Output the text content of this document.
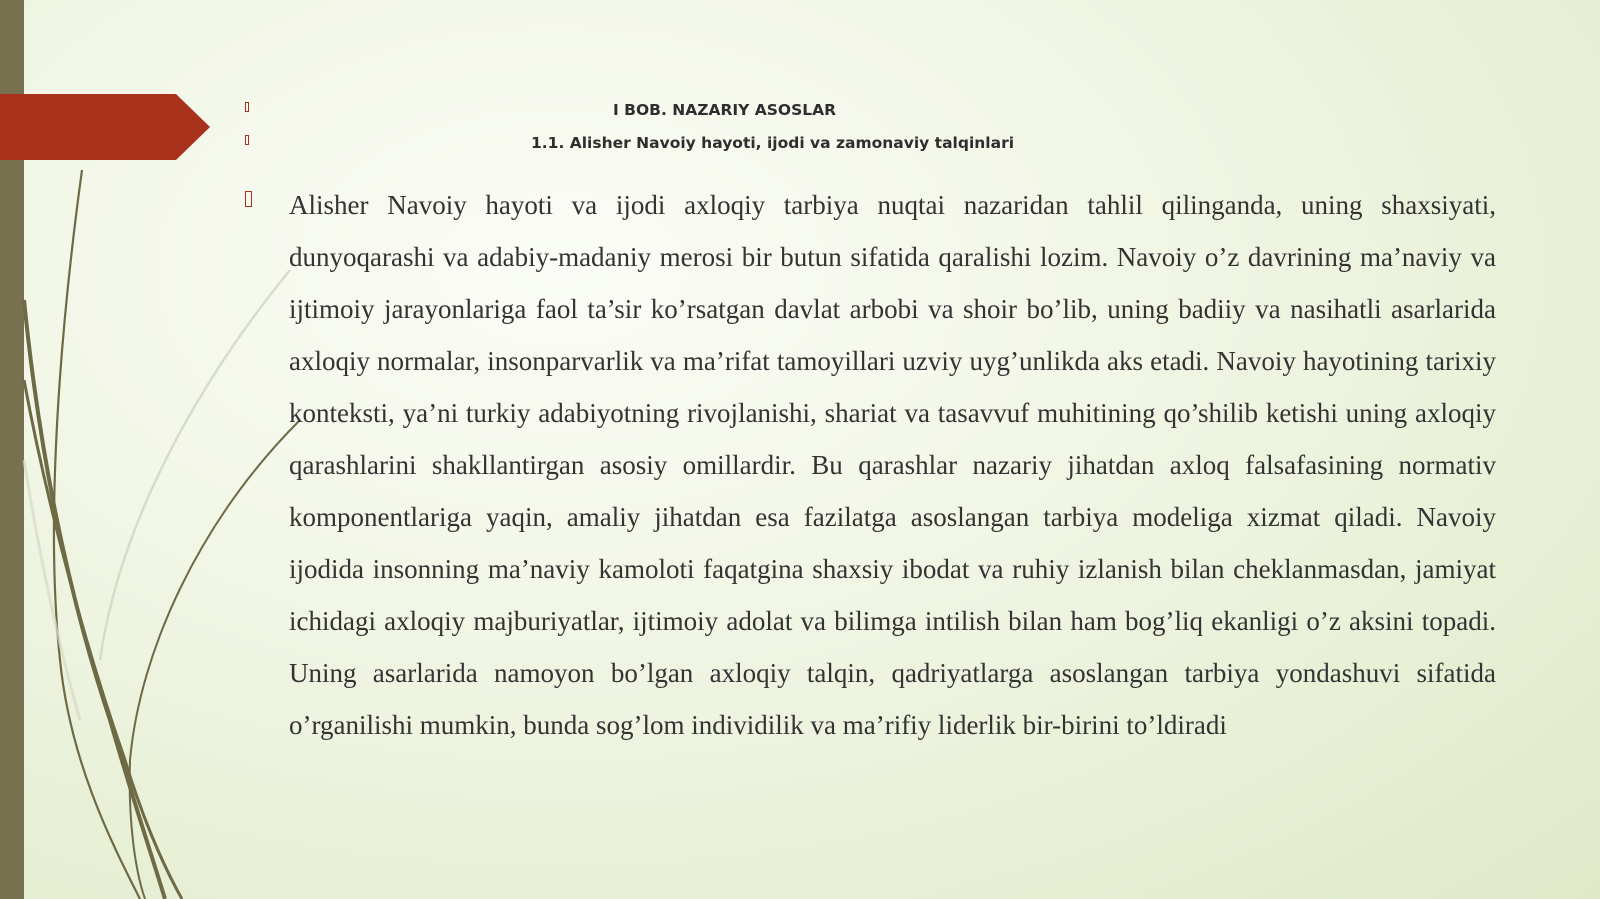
I BOB. NAZARIY ASOSLAR
1.1. Alisher Navoiy hayoti, ijodi va zamonaviy talqinlari

Alisher Navoiy hayoti va ijodi axloqiy tarbiya nuqtai nazaridan tahlil qilinganda, uning shaxsiyati, dunyoqarashi va adabiy-madaniy merosi bir butun sifatida qaralishi lozim. Navoiy o’z davrining ma’naviy va ijtimoiy jarayonlariga faol ta’sir ko’rsatgan davlat arbobi va shoir bo’lib, uning badiiy va nasihatli asarlarida axloqiy normalar, insonparvarlik va ma’rifat tamoyillari uzviy uyg’unlikda aks etadi. Navoiy hayotining tarixiy konteksti, ya’ni turkiy adabiyotning rivojlanishi, shariat va tasavvuf muhitining qo’shilib ketishi uning axloqiy qarashlarini shakllantirgan asosiy omillardir. Bu qarashlar nazariy jihatdan axloq falsafasining normativ komponentlariga yaqin, amaliy jihatdan esa fazilatga asoslangan tarbiya modeliga xizmat qiladi. Navoiy ijodida insonning ma’naviy kamoloti faqatgina shaxsiy ibodat va ruhiy izlanish bilan cheklanmasdan, jamiyat ichidagi axloqiy majburiyatlar, ijtimoiy adolat va bilimga intilish bilan ham bog’liq ekanligi o’z aksini topadi. Uning asarlarida namoyon bo’lgan axloqiy talqin, qadriyatlarga asoslangan tarbiya yondashuvi sifatida o’rganilishi mumkin, bunda sog’lom individilik va ma’rifiy liderlik bir-birini to’ldiradi
